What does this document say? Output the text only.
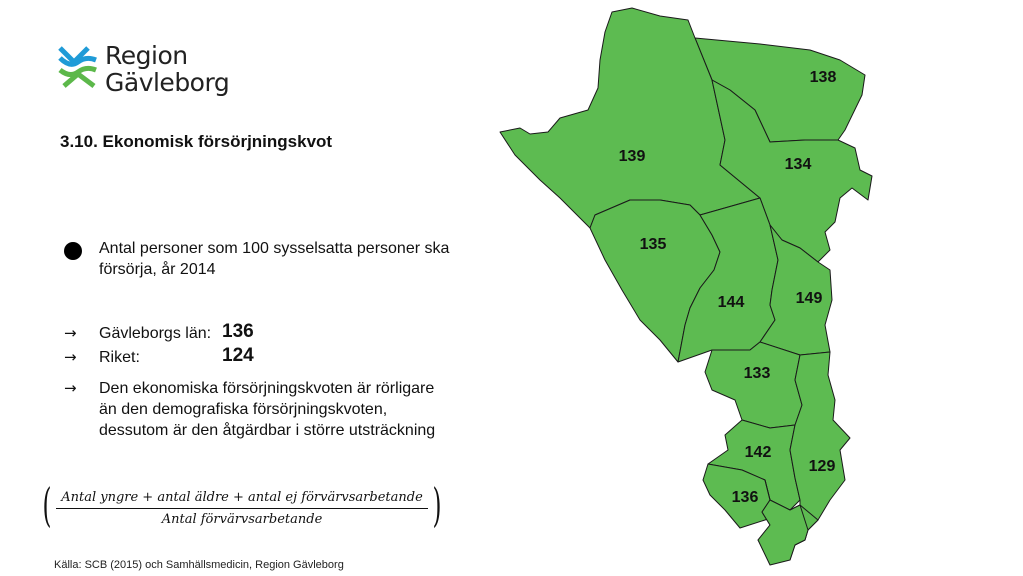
Region
Gävleborg
3.10. Ekonomisk försörjningskvot
Antal personer som 100 sysselsatta personer ska försörja, år 2014
→ Gävleborgs län: 136
→ Riket:	124
→ Den ekonomiska försörjningskvoten är rörligare än den demografiska försörjningskvoten, dessutom är den åtgärdbar i större utsträckning
( Antal yngre + antal äldre + antal ej förvärvsarbetande
Antal förvärvsarbetande	)
Källa: SCB (2015) och Samhällsmedicin, Region Gävleborg
138
139	134
135
144	149
133
142
129
136
